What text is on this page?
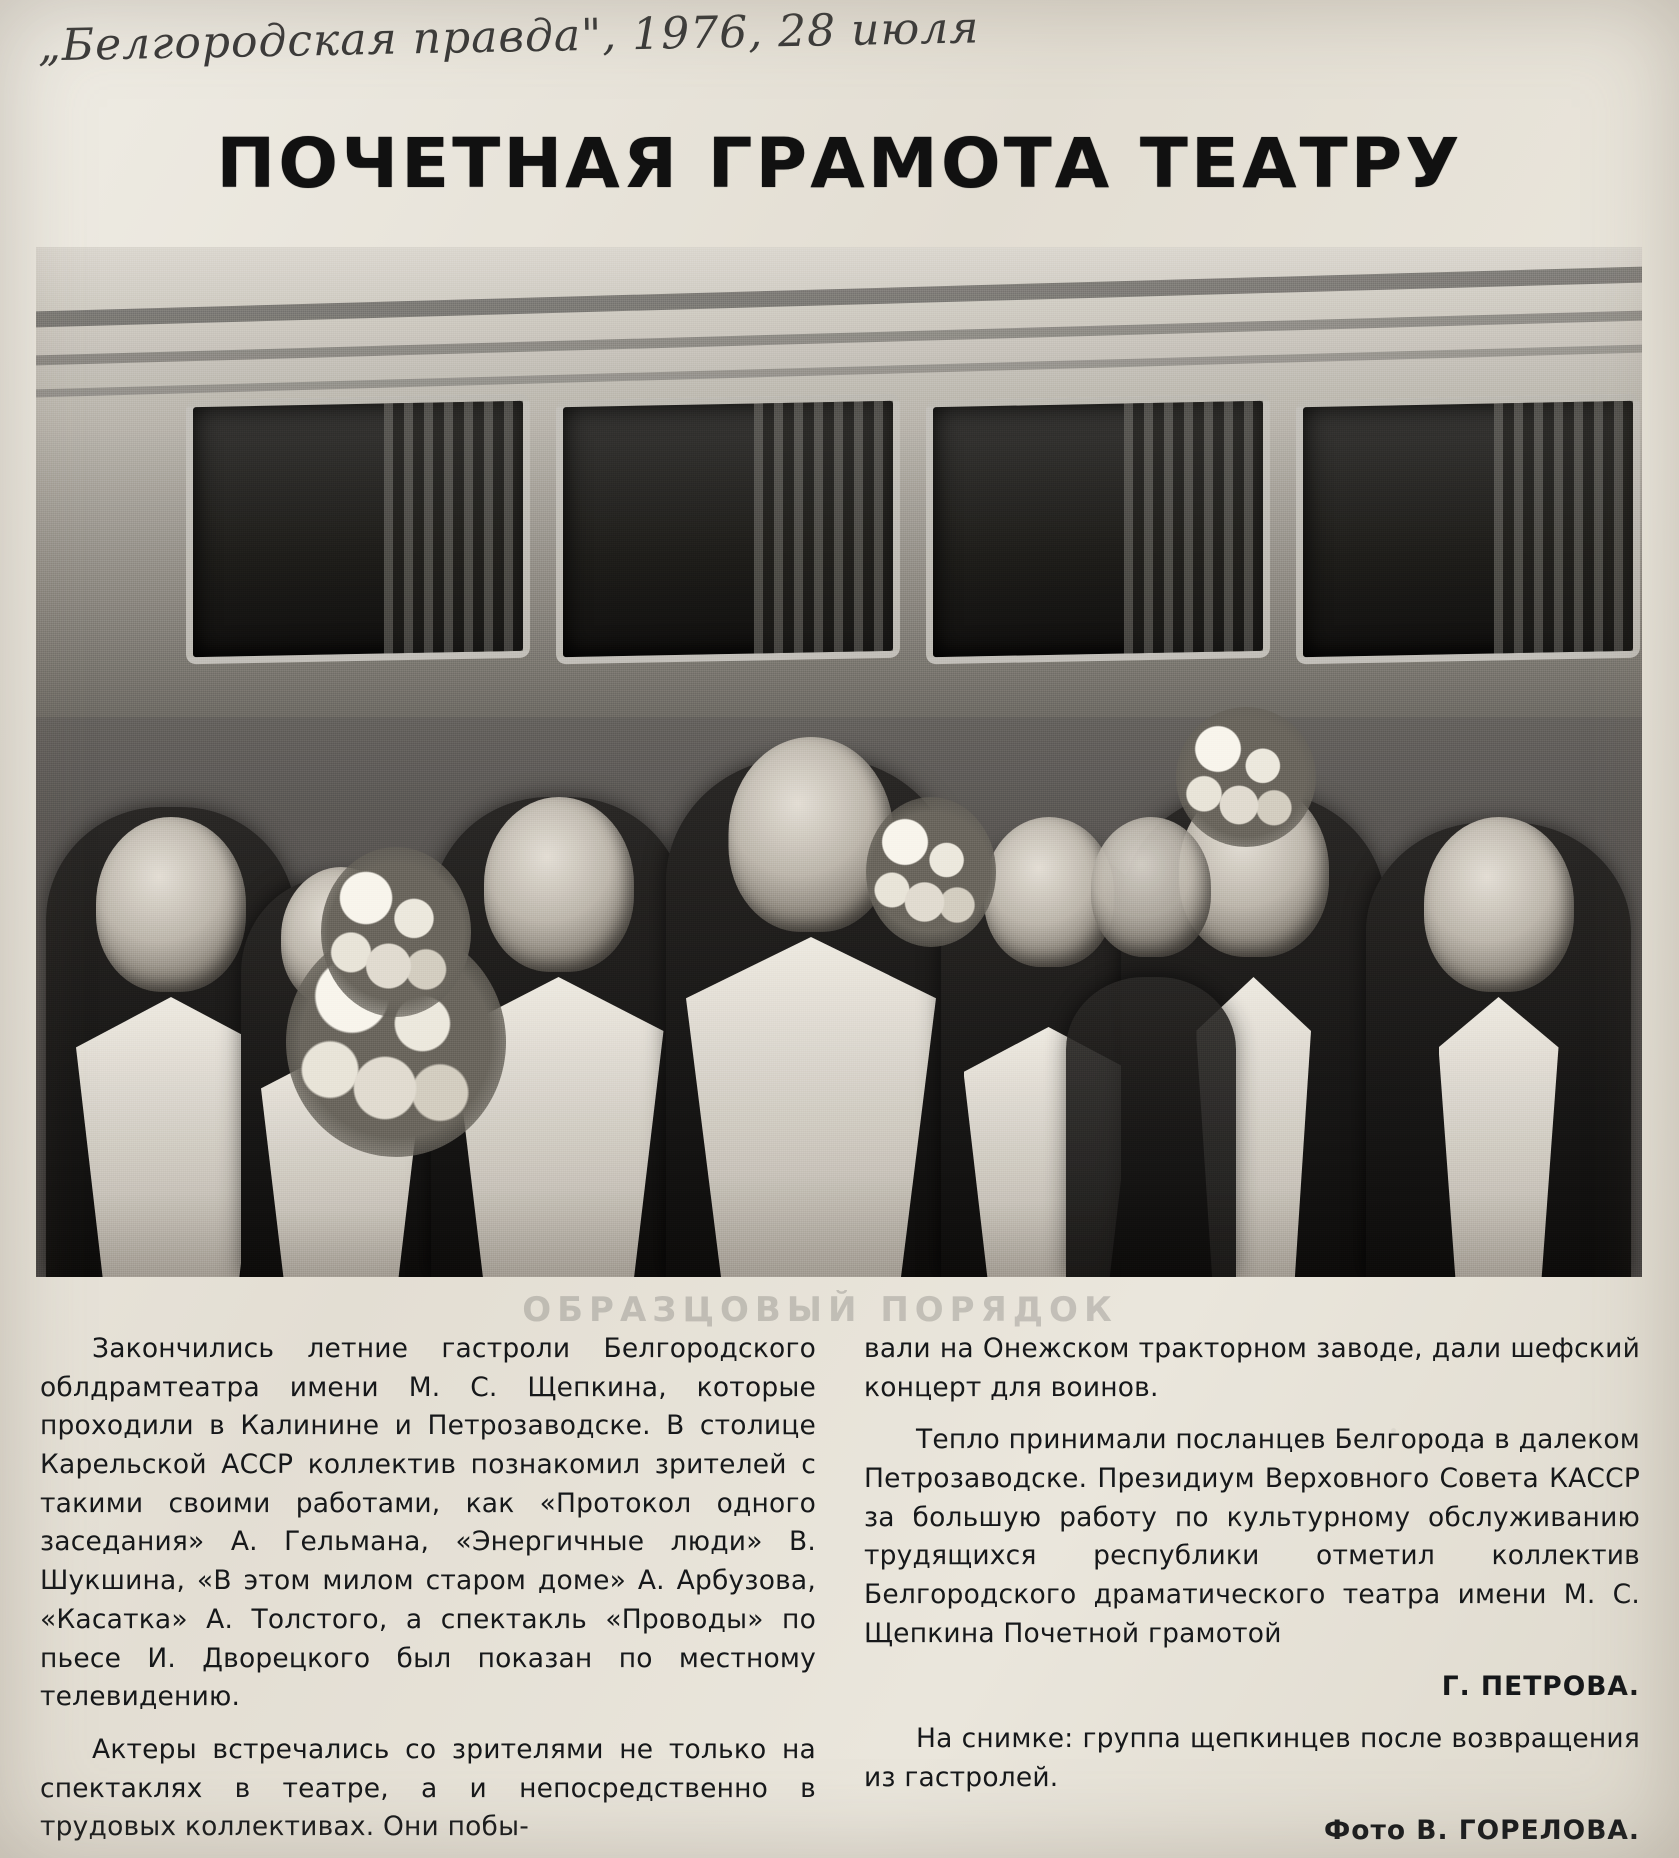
„Белгородская правда", 1976, 28 июля
ПОЧЕТНАЯ ГРАМОТА ТЕАТРУ
ОБРАЗЦОВЫЙ ПОРЯДОК

Закончились летние гастроли Белгородского облдрамтеатра имени М. С. Щепкина, которые проходили в Калинине и Петрозаводске. В столице Карельской АССР коллектив познакомил зрителей с такими своими работами, как «Протокол одного заседания» А. Гельмана, «Энергичные люди» В. Шукшина, «В этом милом старом доме» А. Арбузова, «Касатка» А. Толстого, а спектакль «Проводы» по пьесе И. Дворецкого был показан по местному телевидению.

Актеры встречались со зрителями не только на спектаклях в театре, а и непосредственно в трудовых коллективах. Они побы-

вали на Онежском тракторном заводе, дали шефский концерт для воинов.

Тепло принимали посланцев Белгорода в далеком Петрозаводске. Президиум Верховного Совета КАССР за большую работу по культурному обслуживанию трудящихся республики отметил коллектив Белгородского драматического театра имени М. С. Щепкина Почетной грамотой

Г. ПЕТРОВА.

На снимке: группа щепкинцев после возвращения из гастролей.

Фото В. ГОРЕЛОВА.
